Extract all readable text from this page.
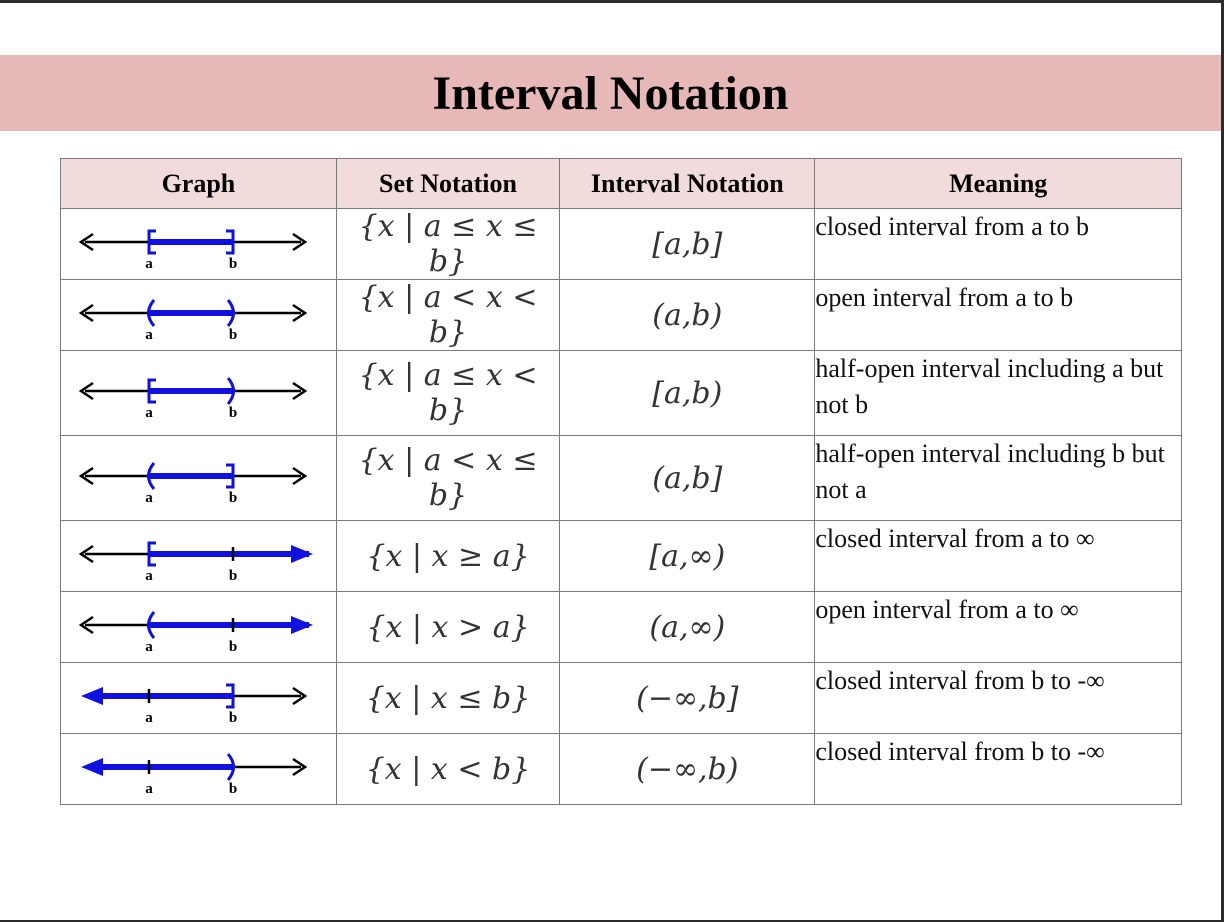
Interval Notation
Graph	Set Notation	Interval Notation	Meaning

a b	{x | a ≤ x ≤ b}	[a,b]	closed interval from a to b

a b	{x | a < x < b}	(a,b)	open interval from a to b

a b	{x | a ≤ x < b}	[a,b)	half-open interval including a but not b

a b	{x | a < x ≤ b}	(a,b]	half-open interval including b but not a

a b	{x | x ≥ a}	[a,∞)	closed interval from a to ∞

a b	{x | x > a}	(a,∞)	open interval from a to ∞

a b	{x | x ≤ b}	(−∞,b]	closed interval from b to -∞

a b	{x | x < b}	(−∞,b)	closed interval from b to -∞
